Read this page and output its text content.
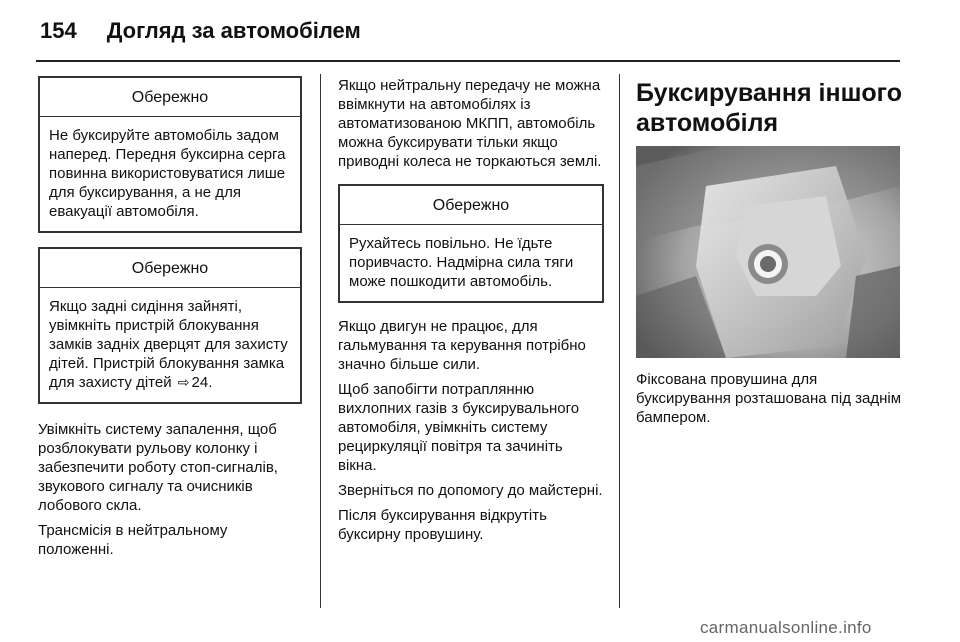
154 Догляд за автомобілем
Обережно
Не буксируйте автомобіль задом наперед. Передня буксирна серга повинна використовуватися лише для буксирування, а не для евакуації автомобіля.
Обережно
Якщо задні сидіння зайняті, увімкніть пристрій блокування замків задніх дверцят для захисту дітей. Пристрій блокування замка для захисту дітей ⇨ 24.

Увімкніть систему запалення, щоб розблокувати рульову колонку і забезпечити роботу стоп-сигналів, звукового сигналу та очисників лобового скла.

Трансмісія в нейтральному положенні.

Якщо нейтральну передачу не можна ввімкнути на автомобілях із автоматизованою МКПП, автомобіль можна буксирувати тільки якщо приводні колеса не торкаються землі.

Обережно
Рухайтесь повільно. Не їдьте поривчасто. Надмірна сила тяги може пошкодити автомобіль.

Якщо двигун не працює, для гальмування та керування потрібно значно більше сили.

Щоб запобігти потраплянню вихлопних газів з буксирувального автомобіля, увімкніть систему рециркуляції повітря та зачиніть вікна.

Зверніться по допомогу до майстерні.

Після буксирування відкрутіть буксирну провушину.

Буксирування іншого автомобіля

Фіксована провушина для буксирування розташована під заднім бампером.

carmanualsonline.info
